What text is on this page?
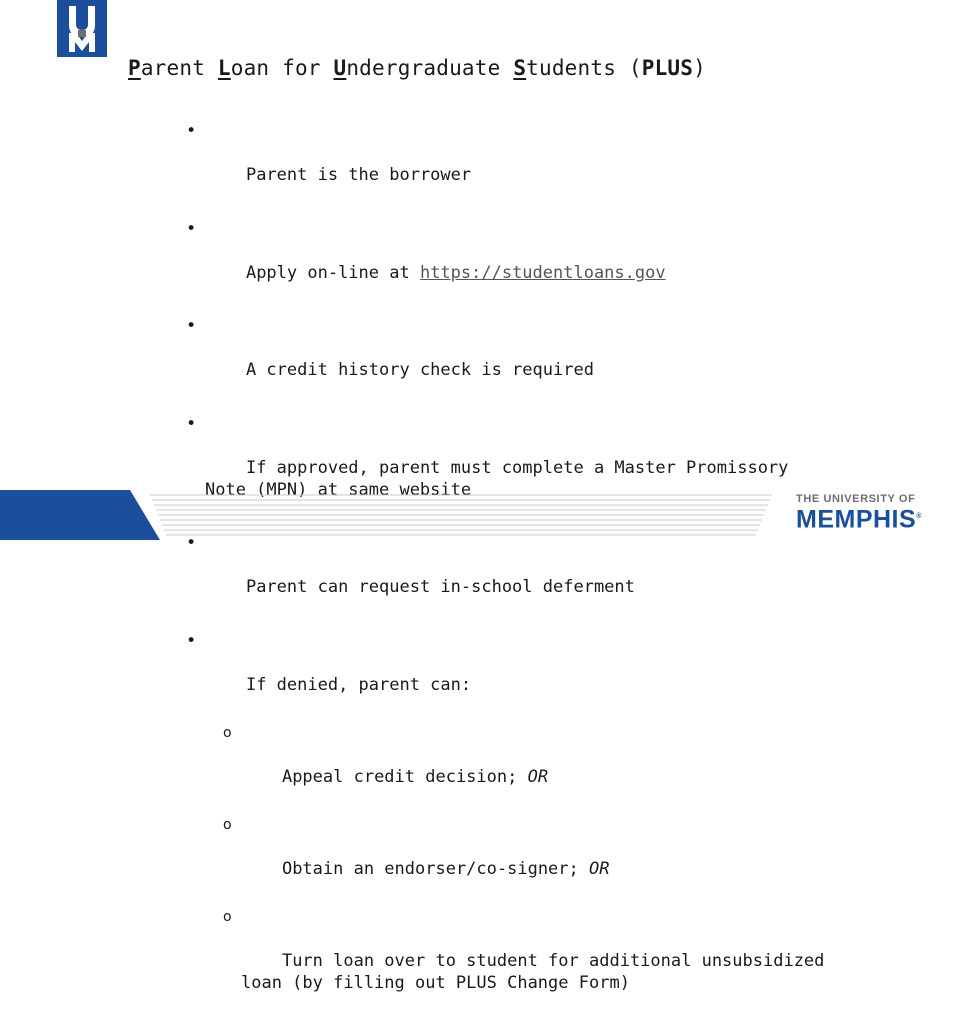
Parent Loan for Undergraduate Students (PLUS)

•

Parent is the borrower

•

Apply on-line at https://studentloans.gov

•

A credit history check is required

•

If approved, parent must complete a Master Promissory Note (MPN) at same website

•

Parent can request in-school deferment

•

If denied, parent can:

o

Appeal credit decision; OR

o

Obtain an endorser/co-signer; OR

o

Turn loan over to student for additional unsubsidized loan (by filling out PLUS Change Form)

THE UNIVERSITY OF
MEMPHIS®
